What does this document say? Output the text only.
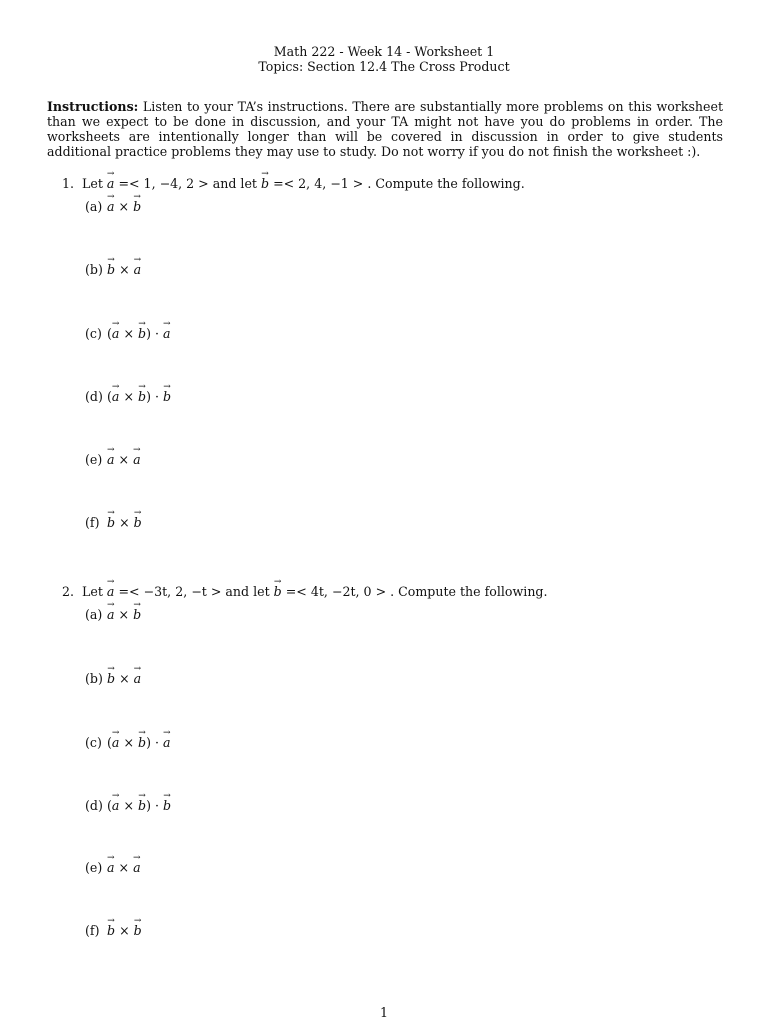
Math 222 - Week 14 - Worksheet 1
Topics: Section 12.4 The Cross Product
Instructions: Listen to your TA’s instructions. There are substantially more problems on this worksheet than we expect to be done in discussion, and your TA might not have you do problems in order. The worksheets are intentionally longer than will be covered in discussion in order to give students additional practice problems they may use to study. Do not worry if you do not finish the worksheet :).
1. Let → a =< 1, −4, 2 > and let → b =< 2, 4, −1 > . Compute the following.
(a) → a × → b
(b) → b × → a
(c) (→ a × → b) · → a
(d) (→ a × → b) · → b
(e) → a × → a
(f) → b × → b
2. Let → a =< −3t, 2, −t > and let → b =< 4t, −2t, 0 > . Compute the following.
(a) → a × → b
(b) → b × → a
(c) (→ a × → b) · → a
(d) (→ a × → b) · → b
(e) → a × → a
(f) → b × → b
1
